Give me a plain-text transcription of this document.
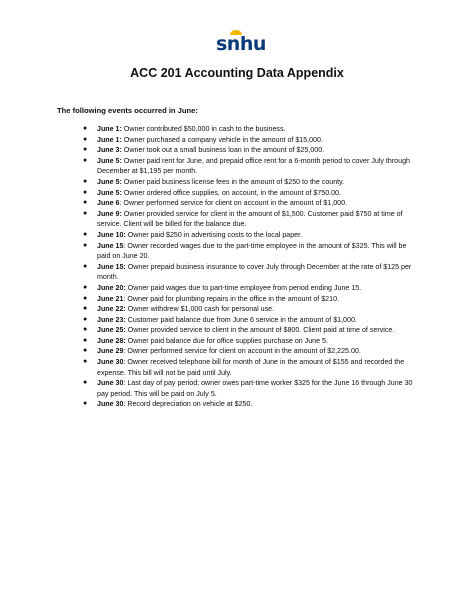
snhu
ACC 201 Accounting Data Appendix
The following events occurred in June:
● June 1: Owner contributed $50,000 in cash to the business.
● June 1: Owner purchased a company vehicle in the amount of $15,000.
● June 3: Owner took out a small business loan in the amount of $25,000.
● June 5: Owner paid rent for June, and prepaid office rent for a 6-month period to cover July through December at $1,195 per month.
● June 5: Owner paid business license fees in the amount of $250 to the county.
● June 5: Owner ordered office supplies, on account, in the amount of $750.00.
● June 6: Owner performed service for client on account in the amount of $1,000.
● June 9: Owner provided service for client in the amount of $1,500. Customer paid $750 at time of service. Client will be billed for the balance due.
● June 10: Owner paid $250 in advertising costs to the local paper.
● June 15: Owner recorded wages due to the part-time employee in the amount of $325. This will be paid on June 20.
● June 15: Owner prepaid business insurance to cover July through December at the rate of $125 per month.
● June 20: Owner paid wages due to part-time employee from period ending June 15.
● June 21: Owner paid for plumbing repairs in the office in the amount of $210.
● June 22: Owner withdrew $1,000 cash for personal use.
● June 23: Customer paid balance due from June 6 service in the amount of $1,000.
● June 25: Owner provided service to client in the amount of $800. Client paid at time of service.
● June 28: Owner paid balance due for office supplies purchase on June 5.
● June 29: Owner performed service for client on account in the amount of $2,225.00.
● June 30: Owner received telephone bill for month of June in the amount of $155 and recorded the expense. This bill will not be paid until July.
● June 30: Last day of pay period; owner owes part-time worker $325 for the June 16 through June 30 pay period. This will be paid on July 5.
● June 30: Record depreciation on vehicle at $250.
